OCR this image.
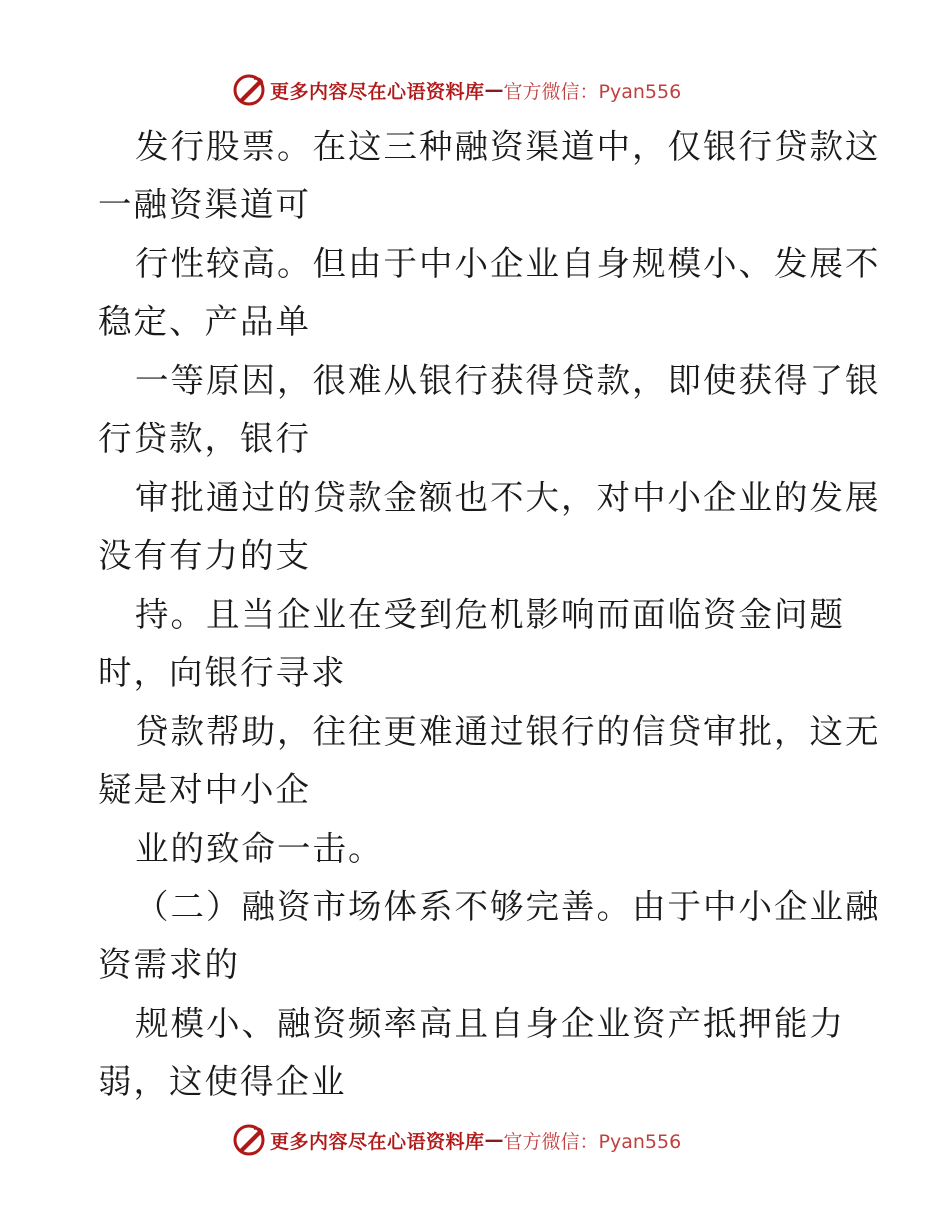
更多内容尽在心语资料库 — 官方微信：Pyan556
发行股票。在这三种融资渠道中，仅银行贷款这
一融资渠道可
行性较高。但由于中小企业自身规模小、发展不
稳定、产品单
一等原因，很难从银行获得贷款，即使获得了银
行贷款，银行
审批通过的贷款金额也不大，对中小企业的发展
没有有力的支
持。且当企业在受到危机影响而面临资金问题
时，向银行寻求
贷款帮助，往往更难通过银行的信贷审批，这无
疑是对中小企
业的致命一击。
（二）融资市场体系不够完善。由于中小企业融
资需求的
规模小、融资频率高且自身企业资产抵押能力
弱，这使得企业
更多内容尽在心语资料库 — 官方微信：Pyan556
